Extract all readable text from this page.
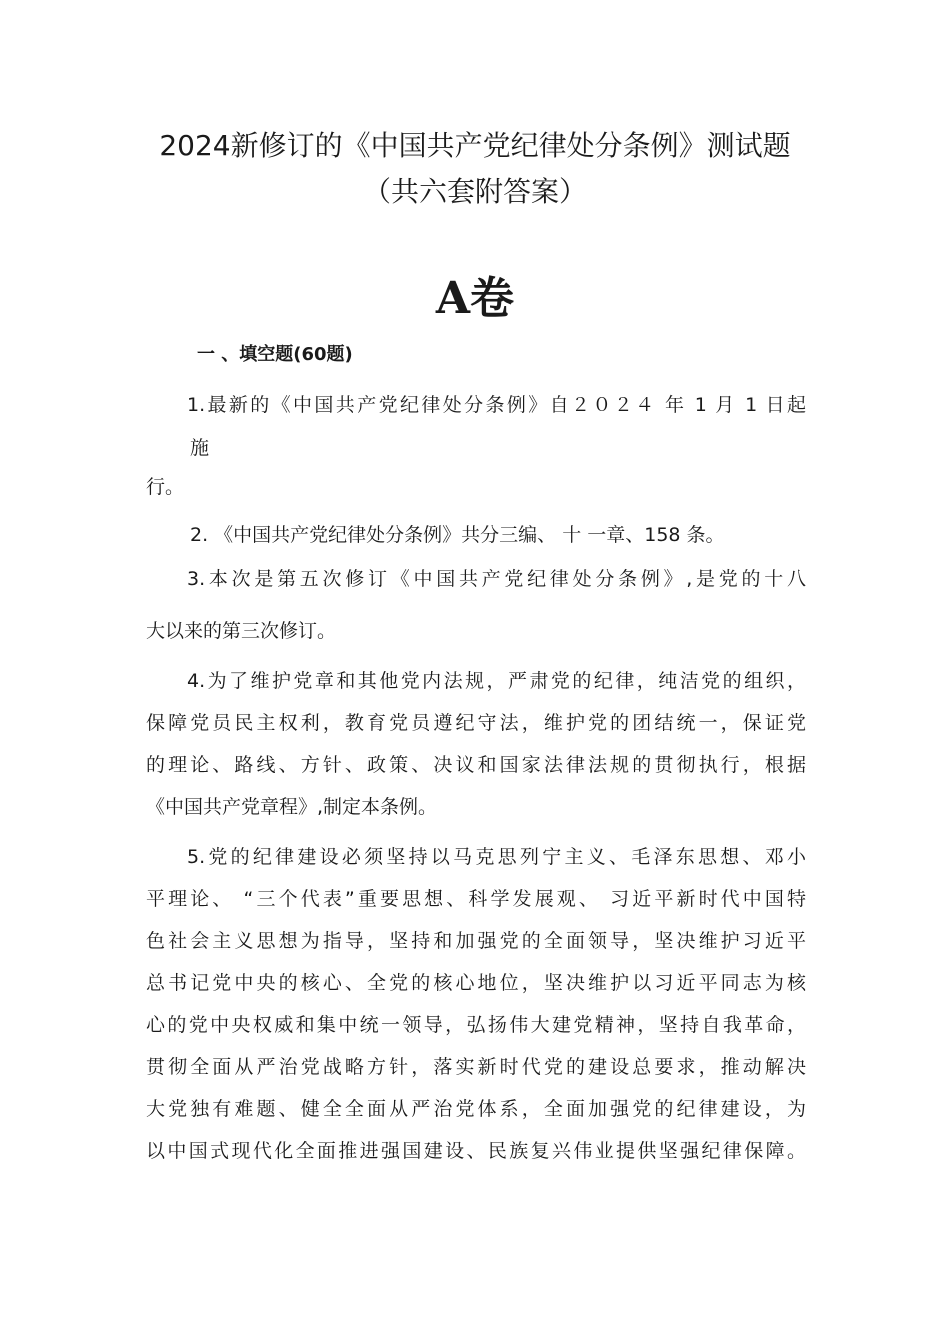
2024新修订的《中国共产党纪律处分条例》测试题
（共六套附答案）
A卷
一 、填空题(60题)
1.最新的《中国共产党纪律处分条例》自２０２４ 年 1 月 1 日起
施
行。
2. 《中国共产党纪律处分条例》共分三编、 十 一章、158 条。
3.本次是第五次修订《中国共产党纪律处分条例》,是党的十八
大以来的第三次修订。
4.为了维护党章和其他党内法规，严肃党的纪律，纯洁党的组织，
保障党员民主权利，教育党员遵纪守法，维护党的团结统一，保证党
的理论、路线、方针、政策、决议和国家法律法规的贯彻执行，根据
《中国共产党章程》,制定本条例。
5.党的纪律建设必须坚持以马克思列宁主义、毛泽东思想、邓小
平理论、 “三个代表”重要思想、科学发展观、 习近平新时代中国特
色社会主义思想为指导，坚持和加强党的全面领导，坚决维护习近平
总书记党中央的核心、全党的核心地位，坚决维护以习近平同志为核
心的党中央权威和集中统一领导，弘扬伟大建党精神，坚持自我革命，
贯彻全面从严治党战略方针，落实新时代党的建设总要求，推动解决
大党独有难题、健全全面从严治党体系，全面加强党的纪律建设，为
以中国式现代化全面推进强国建设、民族复兴伟业提供坚强纪律保障。
